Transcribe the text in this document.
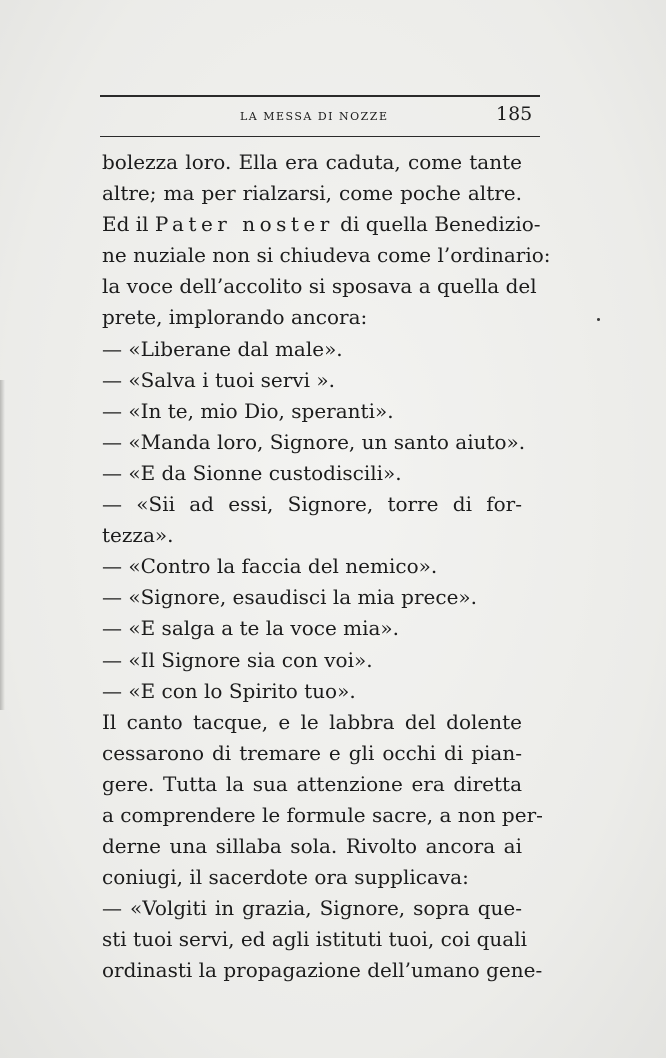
LA MESSA DI NOZZE	185
bolezza loro. Ella era caduta, come tante
altre; ma per rialzarsi, come poche altre.
Ed il Pater noster di quella Benedizio-
ne nuziale non si chiudeva come l’ordinario:
la voce dell’accolito si sposava a quella del
prete, implorando ancora:
— «Liberane dal male».
— «Salva i tuoi servi ».
— «In te, mio Dio, speranti».
— «Manda loro, Signore, un santo aiuto».
— «E da Sionne custodiscili».
— «Sii ad essi, Signore, torre di for-
tezza».
— «Contro la faccia del nemico».
— «Signore, esaudisci la mia prece».
— «E salga a te la voce mia».
— «Il Signore sia con voi».
— «E con lo Spirito tuo».
Il canto tacque, e le labbra del dolente
cessarono di tremare e gli occhi di pian-
gere. Tutta la sua attenzione era diretta
a comprendere le formule sacre, a non per-
derne una sillaba sola. Rivolto ancora ai
coniugi, il sacerdote ora supplicava:
— «Volgiti in grazia, Signore, sopra que-
sti tuoi servi, ed agli istituti tuoi, coi quali
ordinasti la propagazione dell’umano gene-
